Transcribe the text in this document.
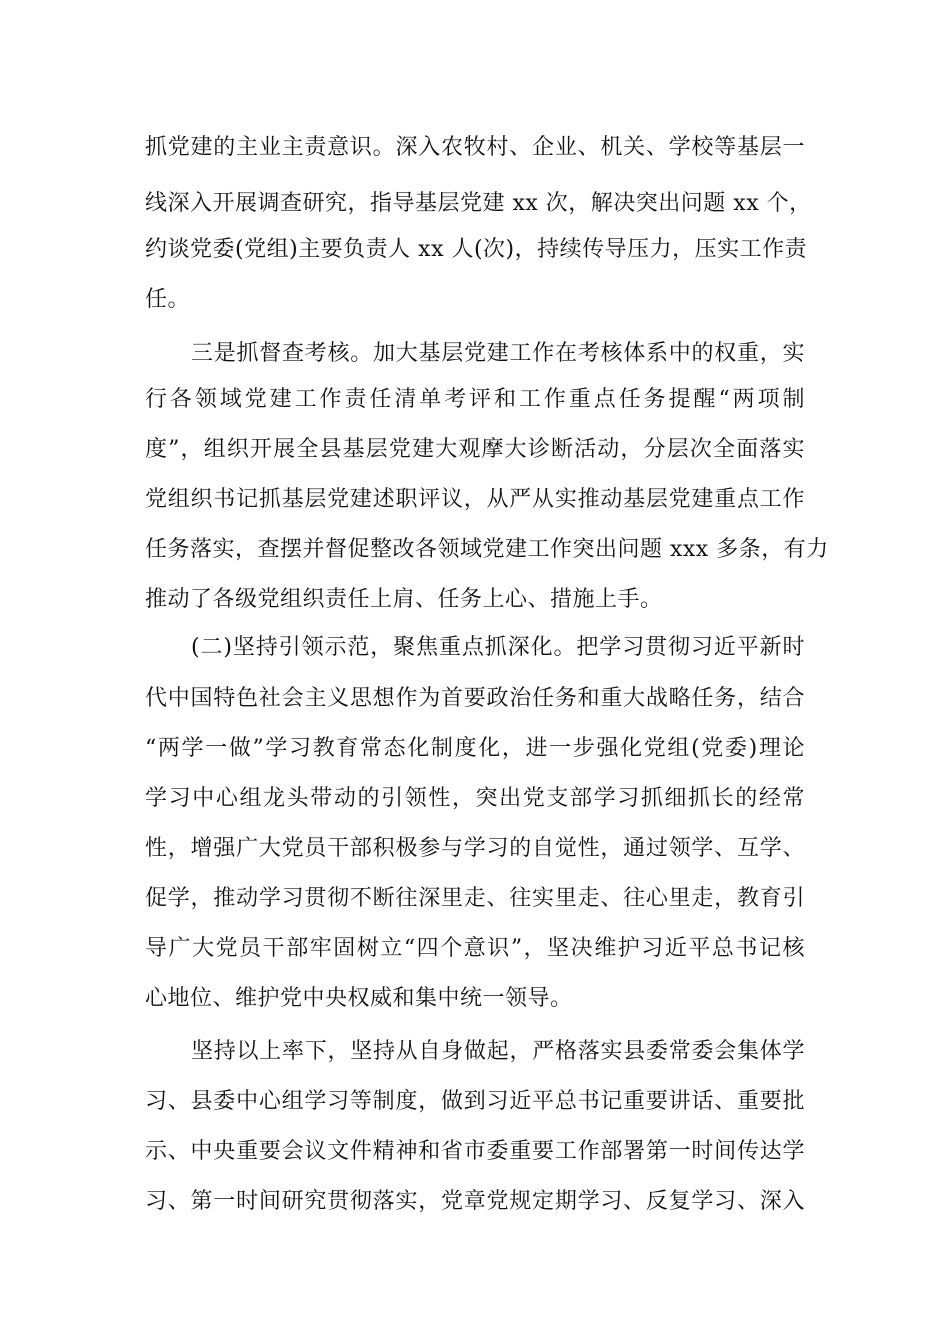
抓党建的主业主责意识。深入农牧村、企业、机关、学校等基层一
线深入开展调查研究，指导基层党建 xx 次，解决突出问题 xx 个，
约谈党委(党组)主要负责人 xx 人(次)，持续传导压力，压实工作责
任。
三是抓督查考核。加大基层党建工作在考核体系中的权重，实
行各领域党建工作责任清单考评和工作重点任务提醒“两项制
度”，组织开展全县基层党建大观摩大诊断活动，分层次全面落实
党组织书记抓基层党建述职评议，从严从实推动基层党建重点工作
任务落实，查摆并督促整改各领域党建工作突出问题 xxx 多条，有力
推动了各级党组织责任上肩、任务上心、措施上手。
(二)坚持引领示范，聚焦重点抓深化。把学习贯彻习近平新时
代中国特色社会主义思想作为首要政治任务和重大战略任务，结合
“两学一做”学习教育常态化制度化，进一步强化党组(党委)理论
学习中心组龙头带动的引领性，突出党支部学习抓细抓长的经常
性，增强广大党员干部积极参与学习的自觉性，通过领学、互学、
促学，推动学习贯彻不断往深里走、往实里走、往心里走，教育引
导广大党员干部牢固树立“四个意识”，坚决维护习近平总书记核
心地位、维护党中央权威和集中统一领导。
坚持以上率下，坚持从自身做起，严格落实县委常委会集体学
习、县委中心组学习等制度，做到习近平总书记重要讲话、重要批
示、中央重要会议文件精神和省市委重要工作部署第一时间传达学
习、第一时间研究贯彻落实，党章党规定期学习、反复学习、深入
